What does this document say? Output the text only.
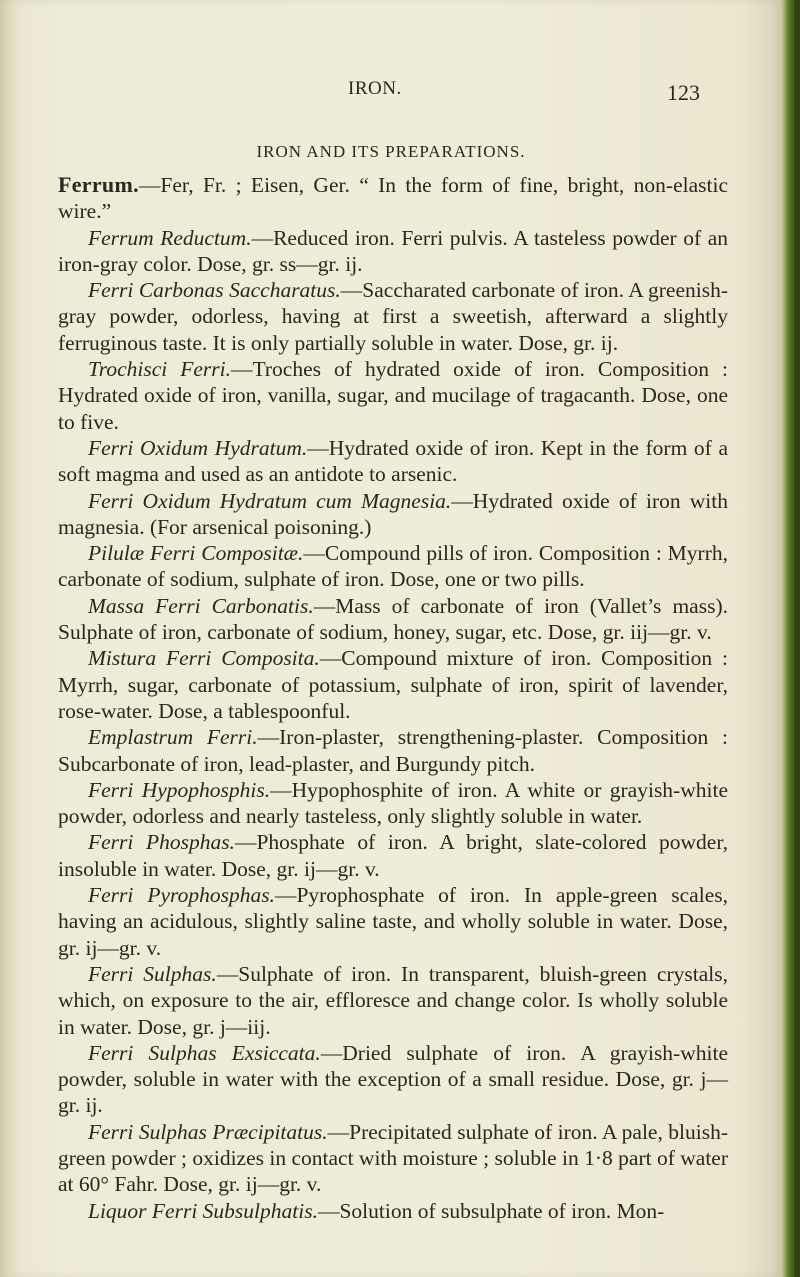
IRON.	123
IRON AND ITS PREPARATIONS.

Ferrum.—Fer, Fr. ; Eisen, Ger. “ In the form of fine, bright, non-elastic wire.”

Ferrum Reductum.—Reduced iron. Ferri pulvis. A tasteless powder of an iron-gray color. Dose, gr. ss—gr. ij.

Ferri Carbonas Saccharatus.—Saccharated carbonate of iron. A greenish-gray powder, odorless, having at first a sweetish, afterward a slightly ferruginous taste. It is only partially soluble in water. Dose, gr. ij.

Trochisci Ferri.—Troches of hydrated oxide of iron. Composition : Hydrated oxide of iron, vanilla, sugar, and mucilage of tragacanth. Dose, one to five.

Ferri Oxidum Hydratum.—Hydrated oxide of iron. Kept in the form of a soft magma and used as an antidote to arsenic.

Ferri Oxidum Hydratum cum Magnesia.—Hydrated oxide of iron with magnesia. (For arsenical poisoning.)

Pilulæ Ferri Compositæ.—Compound pills of iron. Composition : Myrrh, carbonate of sodium, sulphate of iron. Dose, one or two pills.

Massa Ferri Carbonatis.—Mass of carbonate of iron (Vallet’s mass). Sulphate of iron, carbonate of sodium, honey, sugar, etc. Dose, gr. iij—gr. v.

Mistura Ferri Composita.—Compound mixture of iron. Composition : Myrrh, sugar, carbonate of potassium, sulphate of iron, spirit of lavender, rose-water. Dose, a tablespoonful.

Emplastrum Ferri.—Iron-plaster, strengthening-plaster. Composition : Subcarbonate of iron, lead-plaster, and Burgundy pitch.

Ferri Hypophosphis.—Hypophosphite of iron. A white or grayish-white powder, odorless and nearly tasteless, only slightly soluble in water.

Ferri Phosphas.—Phosphate of iron. A bright, slate-colored powder, insoluble in water. Dose, gr. ij—gr. v.

Ferri Pyrophosphas.—Pyrophosphate of iron. In apple-green scales, having an acidulous, slightly saline taste, and wholly soluble in water. Dose, gr. ij—gr. v.

Ferri Sulphas.—Sulphate of iron. In transparent, bluish-green crystals, which, on exposure to the air, effloresce and change color. Is wholly soluble in water. Dose, gr. j—iij.

Ferri Sulphas Exsiccata.—Dried sulphate of iron. A grayish-white powder, soluble in water with the exception of a small residue. Dose, gr. j—gr. ij.

Ferri Sulphas Præcipitatus.—Precipitated sulphate of iron. A pale, bluish-green powder ; oxidizes in contact with moisture ; soluble in 1·8 part of water at 60° Fahr. Dose, gr. ij—gr. v.

Liquor Ferri Subsulphatis.—Solution of subsulphate of iron. Mon-
